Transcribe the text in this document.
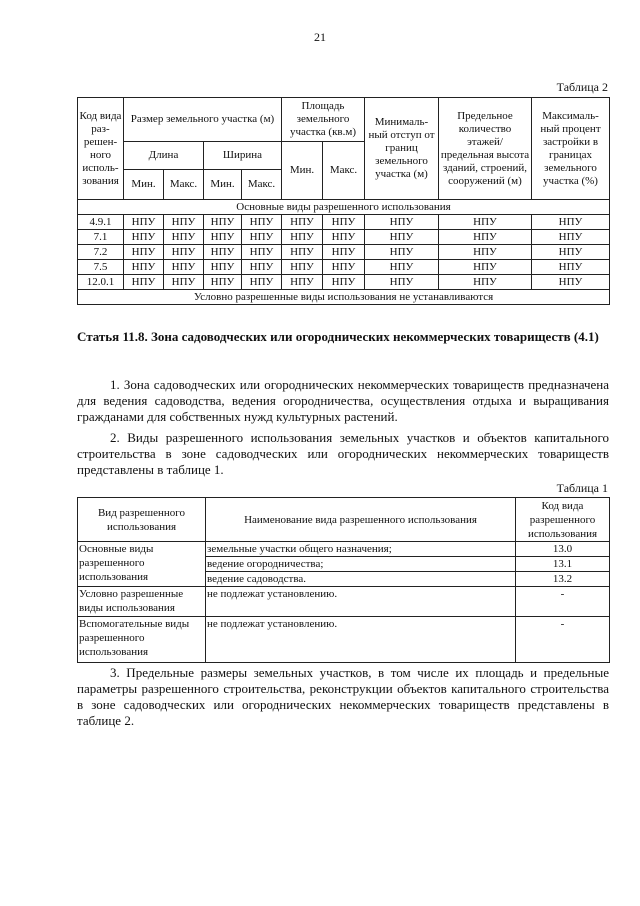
21
Таблица 2
Код вида раз- решен- ного исполь- зования	Размер земельного участка (м)				Площадь земельного участка (кв.м)		Минималь- ный отступ от границ земельного участка (м)	Предельное количество этажей/ предельная высота зданий, строений, сооружений (м)	Максималь- ный процент застройки в границах земельного участка (%)
	Длина		Ширина		Мин.	Макс.			
	Мин.	Макс.	Мин.	Макс.					
Основные виды разрешенного использования									
4.9.1	НПУ	НПУ	НПУ	НПУ	НПУ	НПУ	НПУ	НПУ	НПУ
7.1	НПУ	НПУ	НПУ	НПУ	НПУ	НПУ	НПУ	НПУ	НПУ
7.2	НПУ	НПУ	НПУ	НПУ	НПУ	НПУ	НПУ	НПУ	НПУ
7.5	НПУ	НПУ	НПУ	НПУ	НПУ	НПУ	НПУ	НПУ	НПУ
12.0.1	НПУ	НПУ	НПУ	НПУ	НПУ	НПУ	НПУ	НПУ	НПУ
Условно разрешенные виды использования не устанавливаются									
Статья 11.8. Зона садоводческих или огороднических некоммерческих товариществ (4.1)

1. Зона садоводческих или огороднических некоммерческих товариществ предназначена для ведения садоводства, ведения огородничества, осуществления отдыха и выращивания гражданами для собственных нужд культурных растений.

2. Виды разрешенного использования земельных участков и объектов капитального строительства в зоне садоводческих или огороднических некоммерческих товариществ представлены в таблице 1.

Таблица 1
Вид разрешенного использования	Наименование вида разрешенного использования	Код вида разрешенного использования
Основные виды разрешенного использования	земельные участки общего назначения;	13.0
	ведение огородничества;	13.1
	ведение садоводства.	13.2
Условно разрешенные виды использования	не подлежат установлению.	-
Вспомогательные виды разрешенного использования	не подлежат установлению.	-

3. Предельные размеры земельных участков, в том числе их площадь и предельные параметры разрешенного строительства, реконструкции объектов капитального строительства в зоне садоводческих или огороднических некоммерческих товариществ представлены в таблице 2.
